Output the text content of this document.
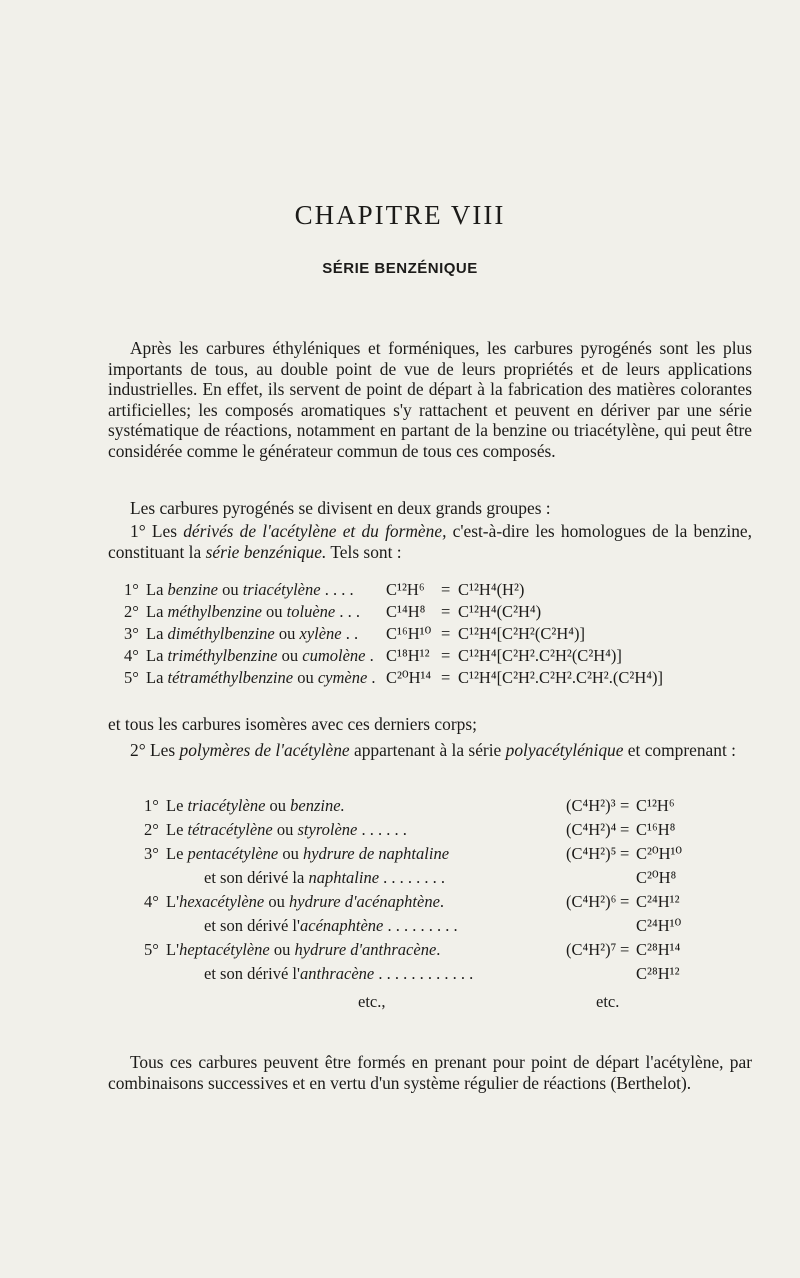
CHAPITRE VIII
SÉRIE BENZÉNIQUE

Après les carbures éthyléniques et forméniques, les carbures pyrogénés sont les plus importants de tous, au double point de vue de leurs propriétés et de leurs applications industrielles. En effet, ils servent de point de départ à la fabrication des matières colorantes artificielles; les composés aromatiques s'y rattachent et peuvent en dériver par une série systématique de réactions, notamment en partant de la benzine ou triacétylène, qui peut être considérée comme le générateur commun de tous ces composés.

Les carbures pyrogénés se divisent en deux grands groupes :

1° Les dérivés de l'acétylène et du formène, c'est-à-dire les homologues de la benzine, constituant la série benzénique. Tels sont :

1° La benzine ou triacétylène . . . . C¹²H⁶ = C¹²H⁴(H²)
2° La méthylbenzine ou toluène . . . C¹⁴H⁸ = C¹²H⁴(C²H⁴)
3° La diméthylbenzine ou xylène . . C¹⁶H¹⁰ = C¹²H⁴[C²H²(C²H⁴)]
4° La triméthylbenzine ou cumolène . C¹⁸H¹² = C¹²H⁴[C²H².C²H²(C²H⁴)]
5° La tétraméthylbenzine ou cymène . C²⁰H¹⁴ = C¹²H⁴[C²H².C²H².C²H².(C²H⁴)]

et tous les carbures isomères avec ces derniers corps;

2° Les polymères de l'acétylène appartenant à la série polyacétylénique et comprenant :

1° Le triacétylène ou benzine.	(C⁴H²)³ = C¹²H⁶
2° Le tétracétylène ou styrolène . . . . . .	(C⁴H²)⁴ = C¹⁶H⁸
3° Le pentacétylène ou hydrure de naphtaline	(C⁴H²)⁵ = C²⁰H¹⁰
et son dérivé la naphtaline . . . . . . . .	C²⁰H⁸
4° L'hexacétylène ou hydrure d'acénaphtène.	(C⁴H²)⁶ = C²⁴H¹²
et son dérivé l'acénaphtène . . . . . . . . .	C²⁴H¹⁰
5° L'heptacétylène ou hydrure d'anthracène.	(C⁴H²)⁷ = C²⁸H¹⁴
et son dérivé l'anthracène . . . . . . . . . . . .	C²⁸H¹²
etc.,	etc.

Tous ces carbures peuvent être formés en prenant pour point de départ l'acétylène, par combinaisons successives et en vertu d'un système régulier de réactions (Berthelot).
